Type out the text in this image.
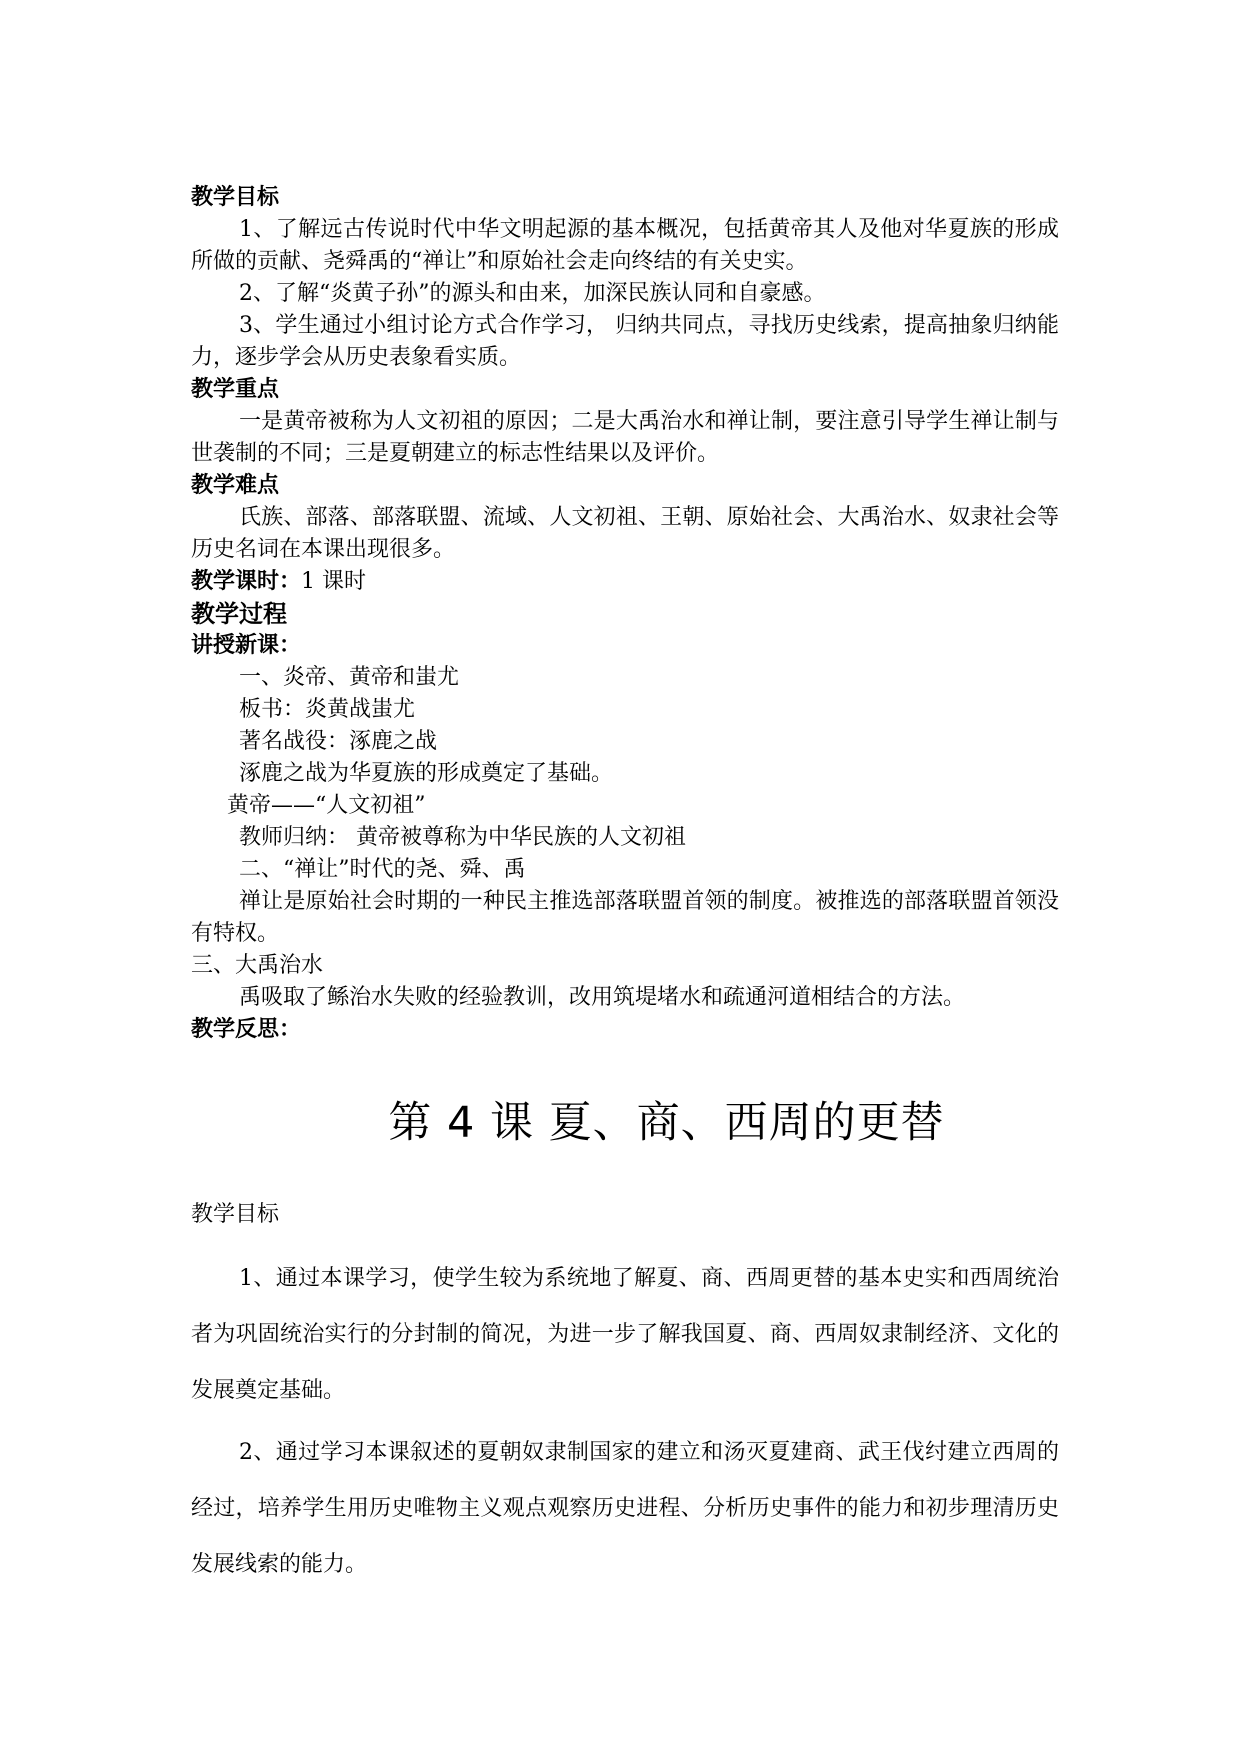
教学目标
1、了解远古传说时代中华文明起源的基本概况，包括黄帝其人及他对华夏族的形成所做的贡献、尧舜禹的“禅让”和原始社会走向终结的有关史实。
2、了解“炎黄子孙”的源头和由来，加深民族认同和自豪感。
3、学生通过小组讨论方式合作学习， 归纳共同点，寻找历史线索，提高抽象归纳能力，逐步学会从历史表象看实质。
教学重点
一是黄帝被称为人文初祖的原因；二是大禹治水和禅让制，要注意引导学生禅让制与世袭制的不同；三是夏朝建立的标志性结果以及评价。
教学难点
氏族、部落、部落联盟、流域、人文初祖、王朝、原始社会、大禹治水、奴隶社会等历史名词在本课出现很多。
教学课时：1 课时
教学过程
讲授新课：
一、炎帝、黄帝和蚩尤
板书：炎黄战蚩尤
著名战役：涿鹿之战
涿鹿之战为华夏族的形成奠定了基础。
黄帝——“人文初祖”
教师归纳： 黄帝被尊称为中华民族的人文初祖
二、“禅让”时代的尧、舜、禹
禅让是原始社会时期的一种民主推选部落联盟首领的制度。被推选的部落联盟首领没有特权。
三、大禹治水
禹吸取了鲧治水失败的经验教训，改用筑堤堵水和疏通河道相结合的方法。
教学反思：
第 4 课 夏、商、西周的更替
教学目标

1、通过本课学习，使学生较为系统地了解夏、商、西周更替的基本史实和西周统治者为巩固统治实行的分封制的简况，为进一步了解我国夏、商、西周奴隶制经济、文化的发展奠定基础。

2、通过学习本课叙述的夏朝奴隶制国家的建立和汤灭夏建商、武王伐纣建立西周的经过，培养学生用历史唯物主义观点观察历史进程、分析历史事件的能力和初步理清历史发展线索的能力。
